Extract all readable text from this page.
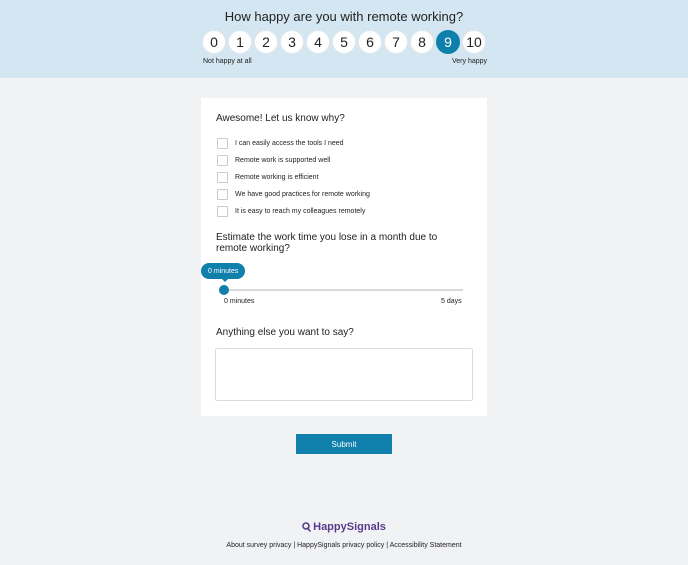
How happy are you with remote working?
0	1	2	3	4	5	6	7	8	9	10
Not happy at all	Very happy
Awesome! Let us know why?
I can easily access the tools I need
Remote work is supported well
Remote working is efficient
We have good practices for remote working
It is easy to reach my colleagues remotely
Estimate the work time you lose in a month due to remote working?
0 minutes
0 minutes	5 days
Anything else you want to say?
Submit
HappySignals
About survey privacy | HappySignals privacy policy | Accessibility Statement
